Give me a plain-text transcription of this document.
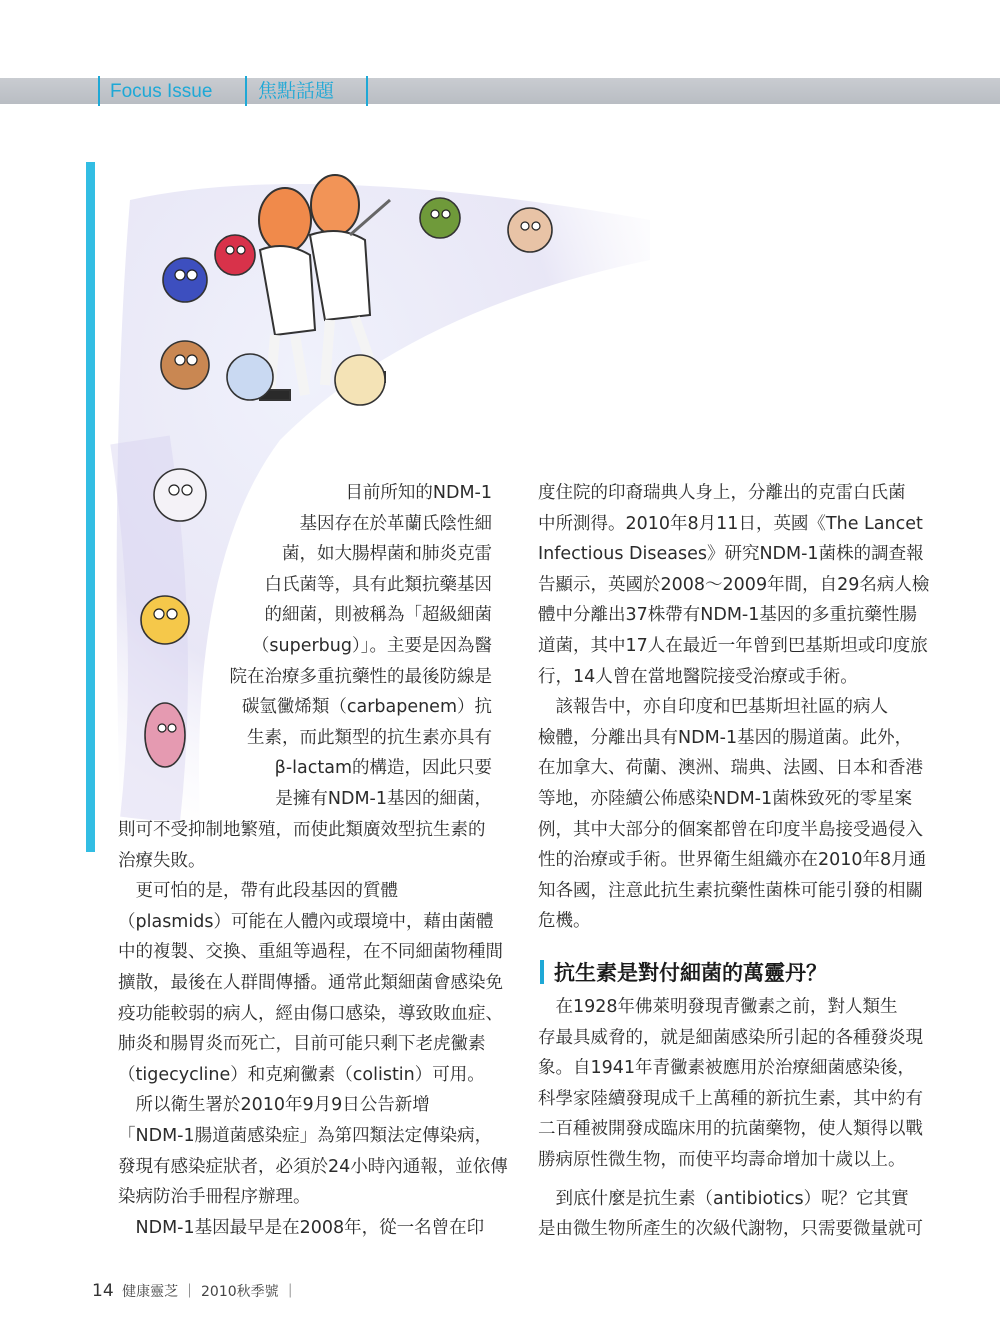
Focus Issue 焦點話題
目前所知的NDM-1
基因存在於革蘭氏陰性細
菌，如大腸桿菌和肺炎克雷
白氏菌等，具有此類抗藥基因
的細菌，則被稱為「超級細菌
（superbug）」。主要是因為醫
院在治療多重抗藥性的最後防線是
碳氫黴烯類（carbapenem）抗
生素，而此類型的抗生素亦具有
β-lactam的構造，因此只要
是擁有NDM-1基因的細菌，
則可不受抑制地繁殖，而使此類廣效型抗生素的
治療失敗。
　更可怕的是，帶有此段基因的質體
（plasmids）可能在人體內或環境中，藉由菌體
中的複製、交換、重組等過程，在不同細菌物種間
擴散，最後在人群間傳播。通常此類細菌會感染免
疫功能較弱的病人，經由傷口感染，導致敗血症、
肺炎和腸胃炎而死亡，目前可能只剩下老虎黴素
（tigecycline）和克痢黴素（colistin）可用。
　所以衛生署於2010年9月9日公告新增
「NDM-1腸道菌感染症」為第四類法定傳染病，
發現有感染症狀者，必須於24小時內通報，並依傳
染病防治手冊程序辦理。
　NDM-1基因最早是在2008年，從一名曾在印
度住院的印裔瑞典人身上，分離出的克雷白氏菌
中所測得。2010年8月11日，英國《The Lancet
Infectious Diseases》研究NDM-1菌株的調查報
告顯示，英國於2008～2009年間，自29名病人檢
體中分離出37株帶有NDM-1基因的多重抗藥性腸
道菌，其中17人在最近一年曾到巴基斯坦或印度旅
行，14人曾在當地醫院接受治療或手術。
　該報告中，亦自印度和巴基斯坦社區的病人
檢體，分離出具有NDM-1基因的腸道菌。此外，
在加拿大、荷蘭、澳洲、瑞典、法國、日本和香港
等地，亦陸續公佈感染NDM-1菌株致死的零星案
例，其中大部分的個案都曾在印度半島接受過侵入
性的治療或手術。世界衛生組織亦在2010年8月通
知各國，注意此抗生素抗藥性菌株可能引發的相關
危機。
抗生素是對付細菌的萬靈丹？
　在1928年佛萊明發現青黴素之前，對人類生
存最具威脅的，就是細菌感染所引起的各種發炎現
象。自1941年青黴素被應用於治療細菌感染後，
科學家陸續發現成千上萬種的新抗生素，其中約有
二百種被開發成臨床用的抗菌藥物，使人類得以戰
勝病原性微生物，而使平均壽命增加十歲以上。
　到底什麼是抗生素（antibiotics）呢？它其實
是由微生物所產生的次級代謝物，只需要微量就可
14 健康靈芝 ｜ 2010秋季號 ｜
